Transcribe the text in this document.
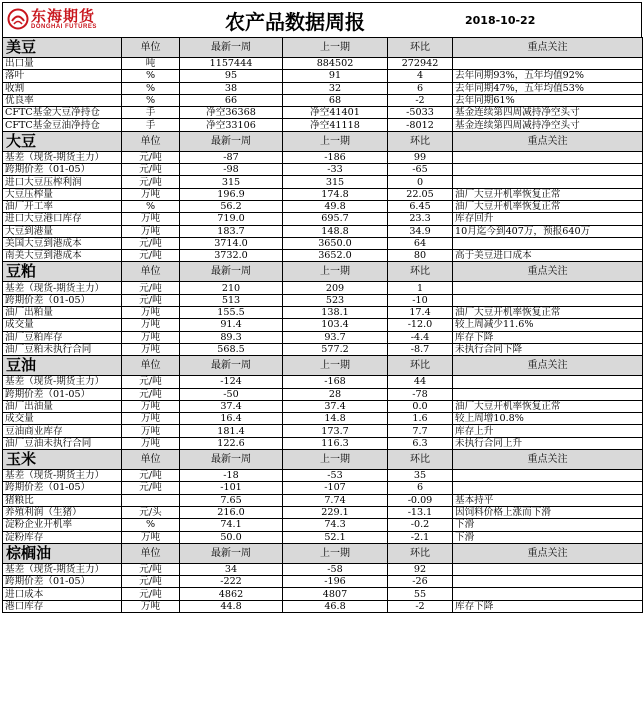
东海期货
DONGHAI FUTURES	农产品数据周报	2018-10-22
美豆	单位	最新一周	上一期	环比	重点关注
出口量	吨	1157444	884502	272942	
落叶	%	95	91	4	去年同期93%，五年均值92%
收割	%	38	32	6	去年同期47%，五年均值53%
优良率	%	66	68	-2	去年同期61%
CFTC基金大豆净持仓	手	净空36368	净空41401	-5033	基金连续第四周减持净空头寸
CFTC基金豆油净持仓	手	净空33106	净空41118	-8012	基金连续第四周减持净空头寸
大豆	单位	最新一周	上一期	环比	重点关注
基差（现货-期货主力）	元/吨	-87	-186	99	
跨期价差（01-05）	元/吨	-98	-33	-65	
进口大豆压榨利润	元/吨	315	315	0	
大豆压榨量	万吨	196.9	174.8	22.05	油厂大豆开机率恢复正常
油厂开工率	%	56.2	49.8	6.45	油厂大豆开机率恢复正常
进口大豆港口库存	万吨	719.0	695.7	23.3	库存回升
大豆到港量	万吨	183.7	148.8	34.9	10月迄今到407万，预报640万
美国大豆到港成本	元/吨	3714.0	3650.0	64	
南美大豆到港成本	元/吨	3732.0	3652.0	80	高于美豆进口成本
豆粕	单位	最新一周	上一期	环比	重点关注
基差（现货-期货主力）	元/吨	210	209	1	
跨期价差（01-05）	元/吨	513	523	-10	
油厂出粕量	万吨	155.5	138.1	17.4	油厂大豆开机率恢复正常
成交量	万吨	91.4	103.4	-12.0	较上周减少11.6%
油厂豆粕库存	万吨	89.3	93.7	-4.4	库存下降
油厂豆粕未执行合同	万吨	568.5	577.2	-8.7	未执行合同下降
豆油	单位	最新一周	上一期	环比	重点关注
基差（现货-期货主力）	元/吨	-124	-168	44	
跨期价差（01-05）	元/吨	-50	28	-78	
油厂出油量	万吨	37.4	37.4	0.0	油厂大豆开机率恢复正常
成交量	万吨	16.4	14.8	1.6	较上周增10.8%
豆油商业库存	万吨	181.4	173.7	7.7	库存上升
油厂豆油未执行合同	万吨	122.6	116.3	6.3	未执行合同上升
玉米	单位	最新一周	上一期	环比	重点关注
基差（现货-期货主力）	元/吨	-18	-53	35	
跨期价差（01-05）	元/吨	-101	-107	6	
猪粮比		7.65	7.74	-0.09	基本持平
养殖利润（生猪）	元/头	216.0	229.1	-13.1	因饲料价格上涨而下滑
淀粉企业开机率	%	74.1	74.3	-0.2	下滑
淀粉库存	万吨	50.0	52.1	-2.1	下滑
棕榈油	单位	最新一周	上一期	环比	重点关注
基差（现货-期货主力）	元/吨	34	-58	92	
跨期价差（01-05）	元/吨	-222	-196	-26	
进口成本	元/吨	4862	4807	55	
港口库存	万吨	44.8	46.8	-2	库存下降
